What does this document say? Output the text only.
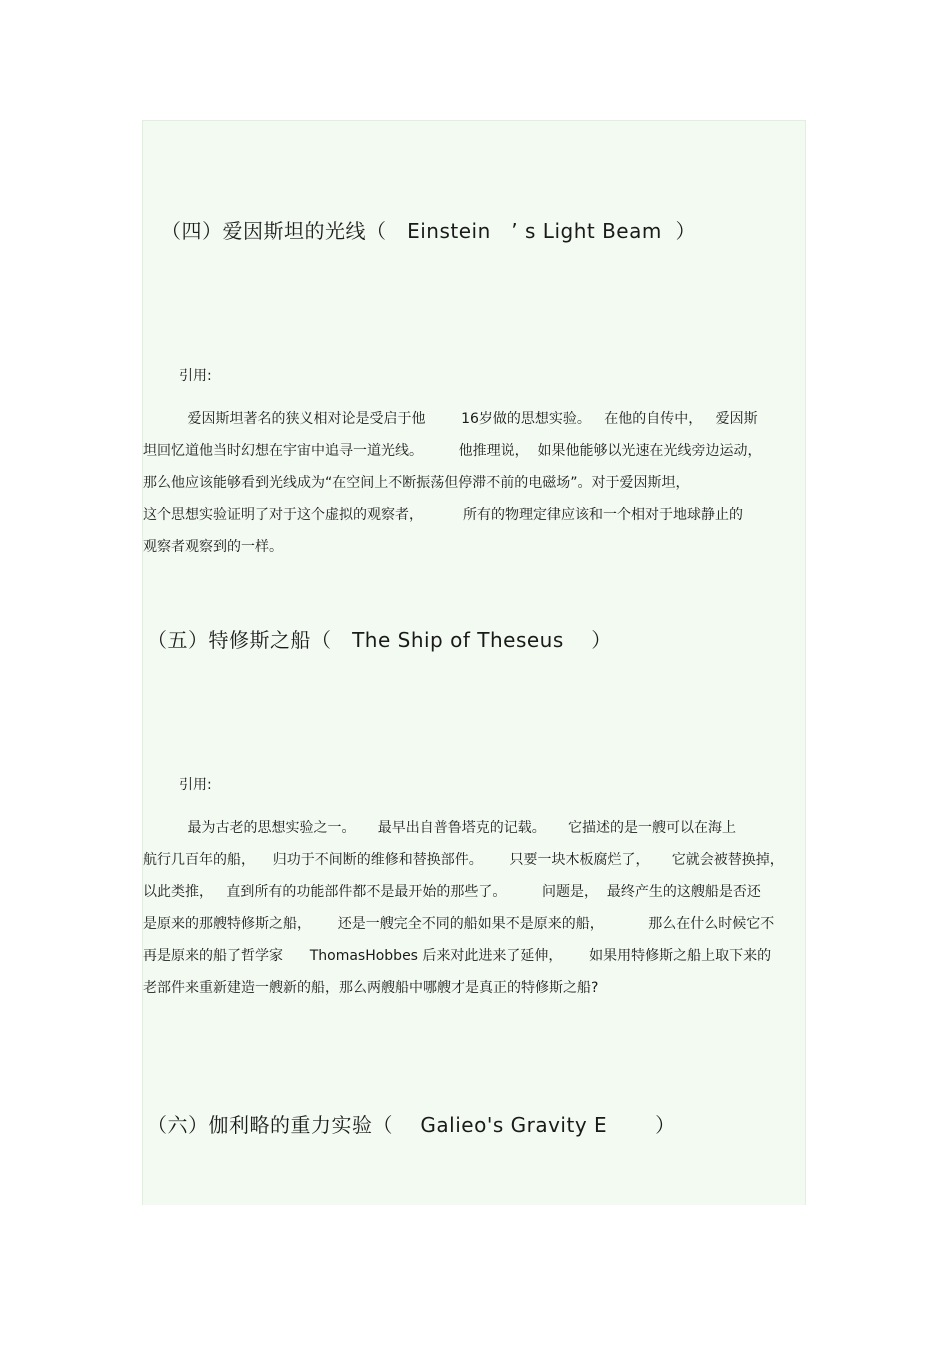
（四）爱因斯坦的光线（   Einstein   ’ s Light Beam  ）
引用:
爱因斯坦著名的狭义相对论是受启于他        16岁做的思想实验。   在他的自传中，   爱因斯
坦回忆道他当时幻想在宇宙中追寻一道光线。        他推理说，  如果他能够以光速在光线旁边运动，
那么他应该能够看到光线成为“在空间上不断振荡但停滞不前的电磁场”。对于爱因斯坦，
这个思想实验证明了对于这个虚拟的观察者，         所有的物理定律应该和一个相对于地球静止的
观察者观察到的一样。
（五）特修斯之船（   The Ship of Theseus    ）
引用:
最为古老的思想实验之一。     最早出自普鲁塔克的记载。     它描述的是一艘可以在海上
航行几百年的船，    归功于不间断的维修和替换部件。      只要一块木板腐烂了，     它就会被替换掉，
以此类推，   直到所有的功能部件都不是最开始的那些了。        问题是，  最终产生的这艘船是否还
是原来的那艘特修斯之船，      还是一艘完全不同的船如果不是原来的船，          那么在什么时候它不
再是原来的船了哲学家      ThomasHobbes 后来对此进来了延伸，      如果用特修斯之船上取下来的
老部件来重新建造一艘新的船，那么两艘船中哪艘才是真正的特修斯之船?
（六）伽利略的重力实验（    Galieo's Gravity E       ）
